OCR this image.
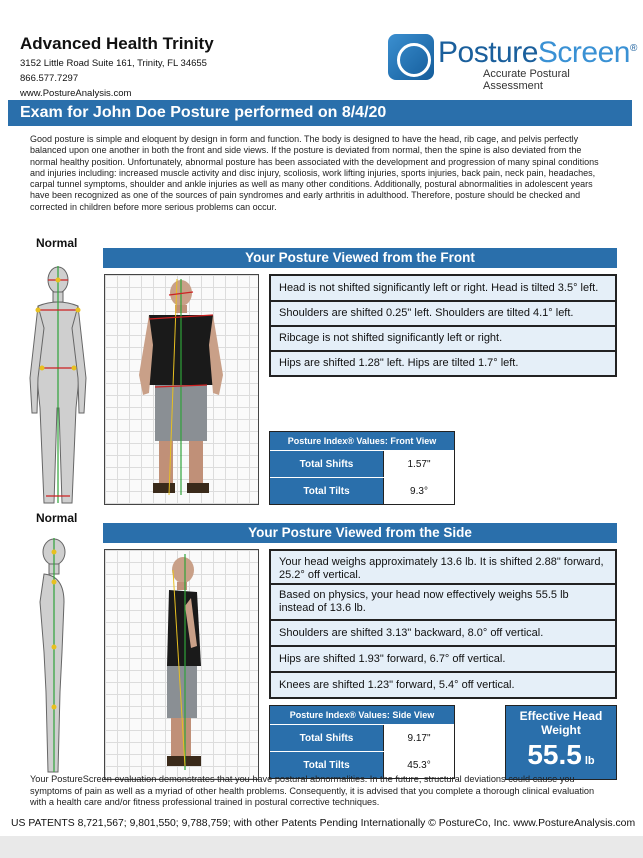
Advanced Health Trinity
3152 Little Road Suite 161, Trinity, FL 34655
866.577.7297
www.PostureAnalysis.com
PostureScreen®
Accurate Postural Assessment
Exam for John Doe Posture performed on 8/4/20
Good posture is simple and eloquent by design in form and function. The body is designed to have the head, rib cage, and pelvis perfectly balanced upon one another in both the front and side views. If the posture is deviated from normal, then the spine is also deviated from the normal healthy position. Unfortunately, abnormal posture has been associated with the development and progression of many spinal conditions and injuries including: increased muscle activity and disc injury, scoliosis, work lifting injuries, sports injuries, back pain, neck pain, headaches, carpal tunnel symptoms, shoulder and ankle injuries as well as many other conditions. Additionally, postural abnormalities in adolescent years have been recognized as one of the sources of pain syndromes and early arthritis in adulthood. Therefore, posture should be checked and corrected in children before more serious problems can occur.
Normal
Your Posture Viewed from the Front
Head is not shifted significantly left or right. Head is tilted 3.5° left.
Shoulders are shifted 0.25" left. Shoulders are tilted 4.1° left.
Ribcage is not shifted significantly left or right.
Hips are shifted 1.28" left. Hips are tilted 1.7° left.
Posture Index® Values: Front View
Total Shifts	1.57"
Total Tilts	9.3°
Normal
Your Posture Viewed from the Side
Your head weighs approximately 13.6 lb. It is shifted 2.88" forward, 25.2° off vertical.
Based on physics, your head now effectively weighs 55.5 lb instead of 13.6 lb.
Shoulders are shifted 3.13" backward, 8.0° off vertical.
Hips are shifted 1.93" forward, 6.7° off vertical.
Knees are shifted 1.23" forward, 5.4° off vertical.
Posture Index® Values: Side View
Total Shifts	9.17"
Total Tilts	45.3°
Effective Head Weight
55.5 lb
Your PostureScreen evaluation demonstrates that you have postural abnormalities. In the future, structural deviations could cause you symptoms of pain as well as a myriad of other health problems. Consequently, it is advised that you complete a thorough clinical evaluation with a health care and/or fitness professional trained in postural corrective techniques.
US PATENTS 8,721,567; 9,801,550; 9,788,759; with other Patents Pending Internationally © PostureCo, Inc. www.PostureAnalysis.com
